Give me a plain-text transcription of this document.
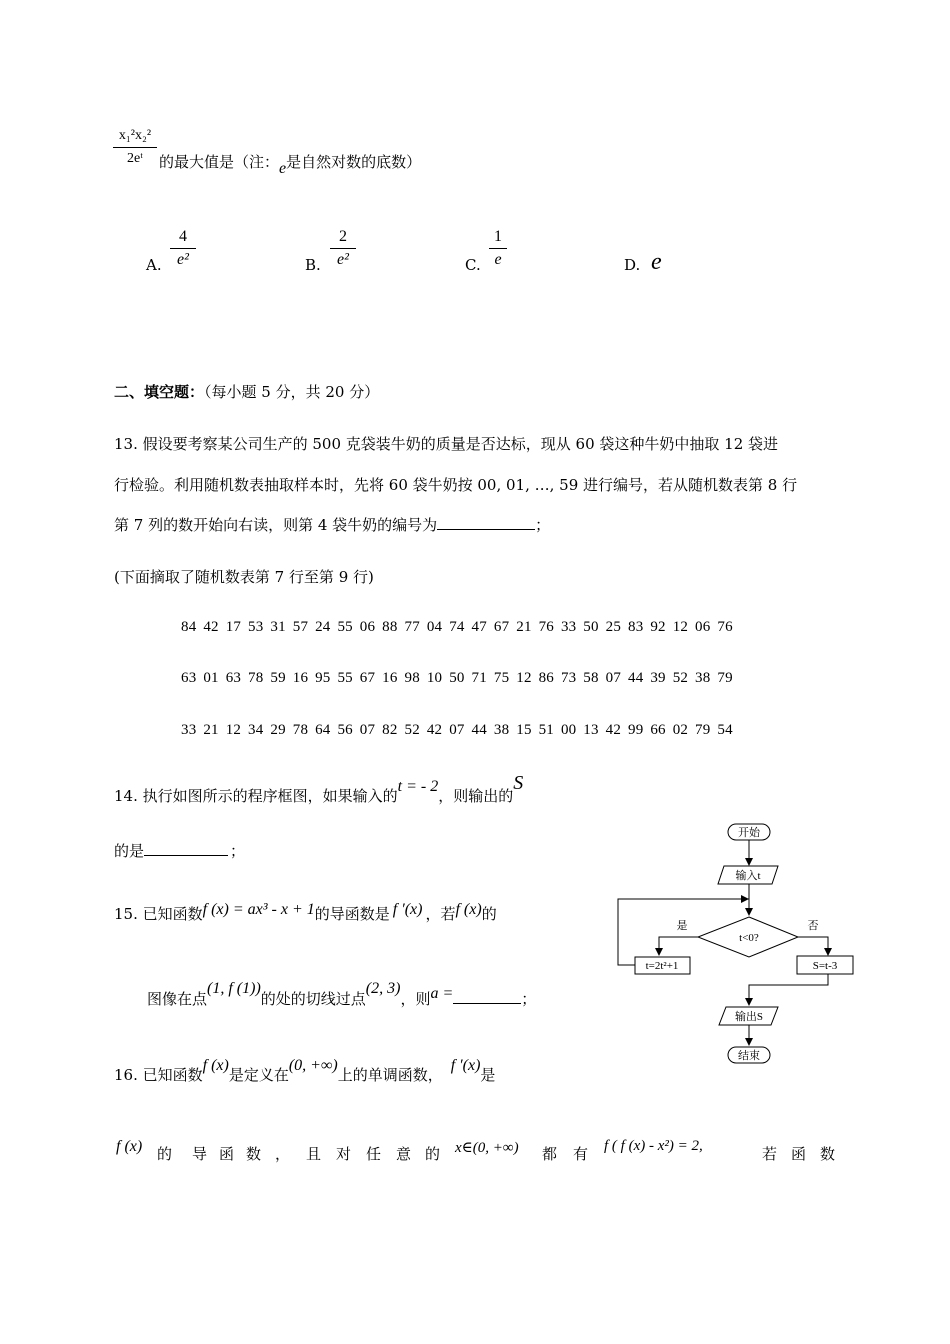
x₁²x₂²
2eᵗ	的最大值是（注：e是自然对数的底数）
A.
4
e²	B.
2
e²	C.
1
e	D. e
二、填空题：（每小题 5 分，共 20 分）
13. 假设要考察某公司生产的 500 克袋装牛奶的质量是否达标，现从 60 袋这种牛奶中抽取 12 袋进
行检验。利用随机数表抽取样本时，先将 60 袋牛奶按 00, 01, …, 59 进行编号，若从随机数表第 8 行
第 7 列的数开始向右读，则第 4 袋牛奶的编号为	；
(下面摘取了随机数表第 7 行至第 9 行)
84 42 17 53 31 57 24 55 06 88 77 04 74 47 67 21 76 33 50 25 83 92 12 06 76
63 01 63 78 59 16 95 55 67 16 98 10 50 71 75 12 86 73 58 07 44 39 52 38 79
33 21 12 34 29 78 64 56 07 82 52 42 07 44 38 15 51 00 13 42 99 66 02 79 54
14. 执行如图所示的程序框图，如果输入的t = - 2，则输出的S
的是	；
15. 已知函数f (x) = ax³ - x + 1的导函数是 f ′(x) ，若f (x)的
图像在点(1, f (1))的处的切线过点(2, 3)，则a =	；
16. 已知函数f (x)是定义在(0, +∞)上的单调函数，f ′(x)是
f (x) 的 导 函 数 ， 且 对 任 意 的 x∈(0, +∞) 都 有 f ( f (x) - x²) = 2,	若 函 数
开始
输入t
t<0?
是	否
t=2t²+1	S=t-3
输出S
结束
